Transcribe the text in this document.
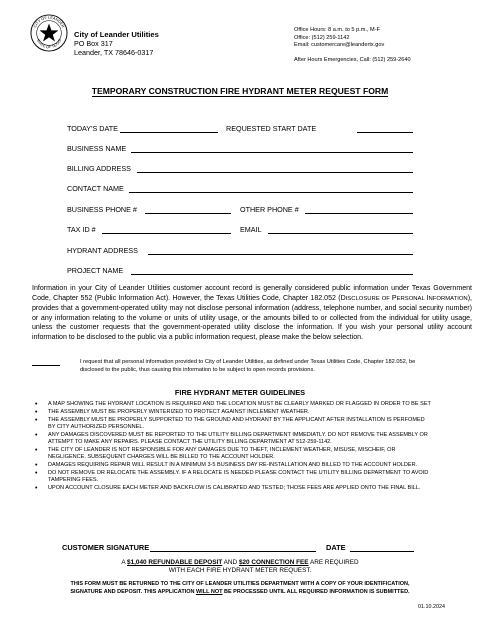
CITY OF LEANDER
STATE OF TEXAS
City of Leander Utilities
PO Box 317
Leander, TX 78646-0317
Office Hours: 8 a.m. to 5 p.m., M-F
Office: (512) 259-1142
Email: customercare@leandertx.gov
After Hours Emergencies, Call: (512) 259-2640
TEMPORARY CONSTRUCTION FIRE HYDRANT METER REQUEST FORM
TODAY'S DATE	REQUESTED START DATE
BUSINESS NAME
BILLING ADDRESS
CONTACT NAME
BUSINESS PHONE #	OTHER PHONE #
TAX ID #	EMAIL
HYDRANT ADDRESS
PROJECT NAME
Information in your City of Leander Utilities customer account record is generally considered public information under Texas Government Code, Chapter 552 (Public Information Act). However, the Texas Utilities Code, Chapter 182.052 (DISCLOSURE OF PERSONAL INFORMATION), provides that a government-operated utility may not disclose personal information (address, telephone number, and social security number) or any information relating to the volume or units of utility usage, or the amounts billed to or collected from the individual for utility usage, unless the customer requests that the government-operated utility disclose the information. If you wish your personal utility account information to be disclosed to the public via a public information request, please make the below selection.
I request that all personal information provided to City of Leander Utilities, as defined under Texas Utilities Code, Chapter 182.052, be disclosed to the public, thus causing this information to be subject to open records provisions.
FIRE HYDRANT METER GUIDELINES
• A MAP SHOWING THE HYDRANT LOCATION IS REQUIRED AND THE LOCATION MUST BE CLEARLY MARKED OR FLAGGED IN ORDER TO BE SET
• THE ASSEMBLY MUST BE PROPERLY WINTERIZED TO PROTECT AGAINST INCLEMENT WEATHER.
• THE ASSEMBLY MUST BE PROPERLY SUPPORTED TO THE GROUND AND HYDRANT BY THE APPLICANT AFTER INSTALLATION IS PERFOMED BY CITY AUTHORIZED PERSONNEL.
• ANY DAMAGES DISCOVERED MUST BE REPORTED TO THE UTILITY BILLING DEPARTMENT IMMEDIATLY. DO NOT REMOVE THE ASSEMBLY OR ATTEMPT TO MAKE ANY REPAIRS. PLEASE CONTACT THE UTILITY BILLING DEPARTMENT AT 512-259-1142.
• THE CITY OF LEANDER IS NOT RESPONSIBLE FOR ANY DAMAGES DUE TO THEFT, INCLEMENT WEATHER, MISUSE, MISCHEIF, OR NEGLIGENCE. SUBSEQUENT CHARGES WILL BE BILLED TO THE ACCOUNT HOLDER.
• DAMAGES REQUIRING REPAIR WILL RESULT IN A MINIMUM 3-5 BUSINESS DAY RE-INSTALLATION AND BILLED TO THE ACCOUNT HOLDER.
• DO NOT REMOVE OR RELOCATE THE ASSEMBLY. IF A RELOCATE IS NEEDED PLEASE CONTACT THE UTILITY BILLING DEPARTMENT TO AVOID TAMPERING FEES.
• UPON ACCOUNT CLOSURE EACH METER AND BACKFLOW IS CALIBRATED AND TESTED; THOSE FEES ARE APPLIED ONTO THE FINAL BILL.
CUSTOMER SIGNATURE	DATE
A $1,040 REFUNDABLE DEPOSIT AND $20 CONNECTION FEE ARE REQUIRED
WITH EACH FIRE HYDRANT METER REQUEST.
THIS FORM MUST BE RETURNED TO THE CITY OF LEANDER UTILITIES DEPARTMENT WITH A COPY OF YOUR IDENTIFICATION,
SIGNATURE AND DEPOSIT. THIS APPLICATION WILL NOT BE PROCESSED UNTIL ALL REQUIRED INFORMATION IS SUBMITTED.
01.10.2024
